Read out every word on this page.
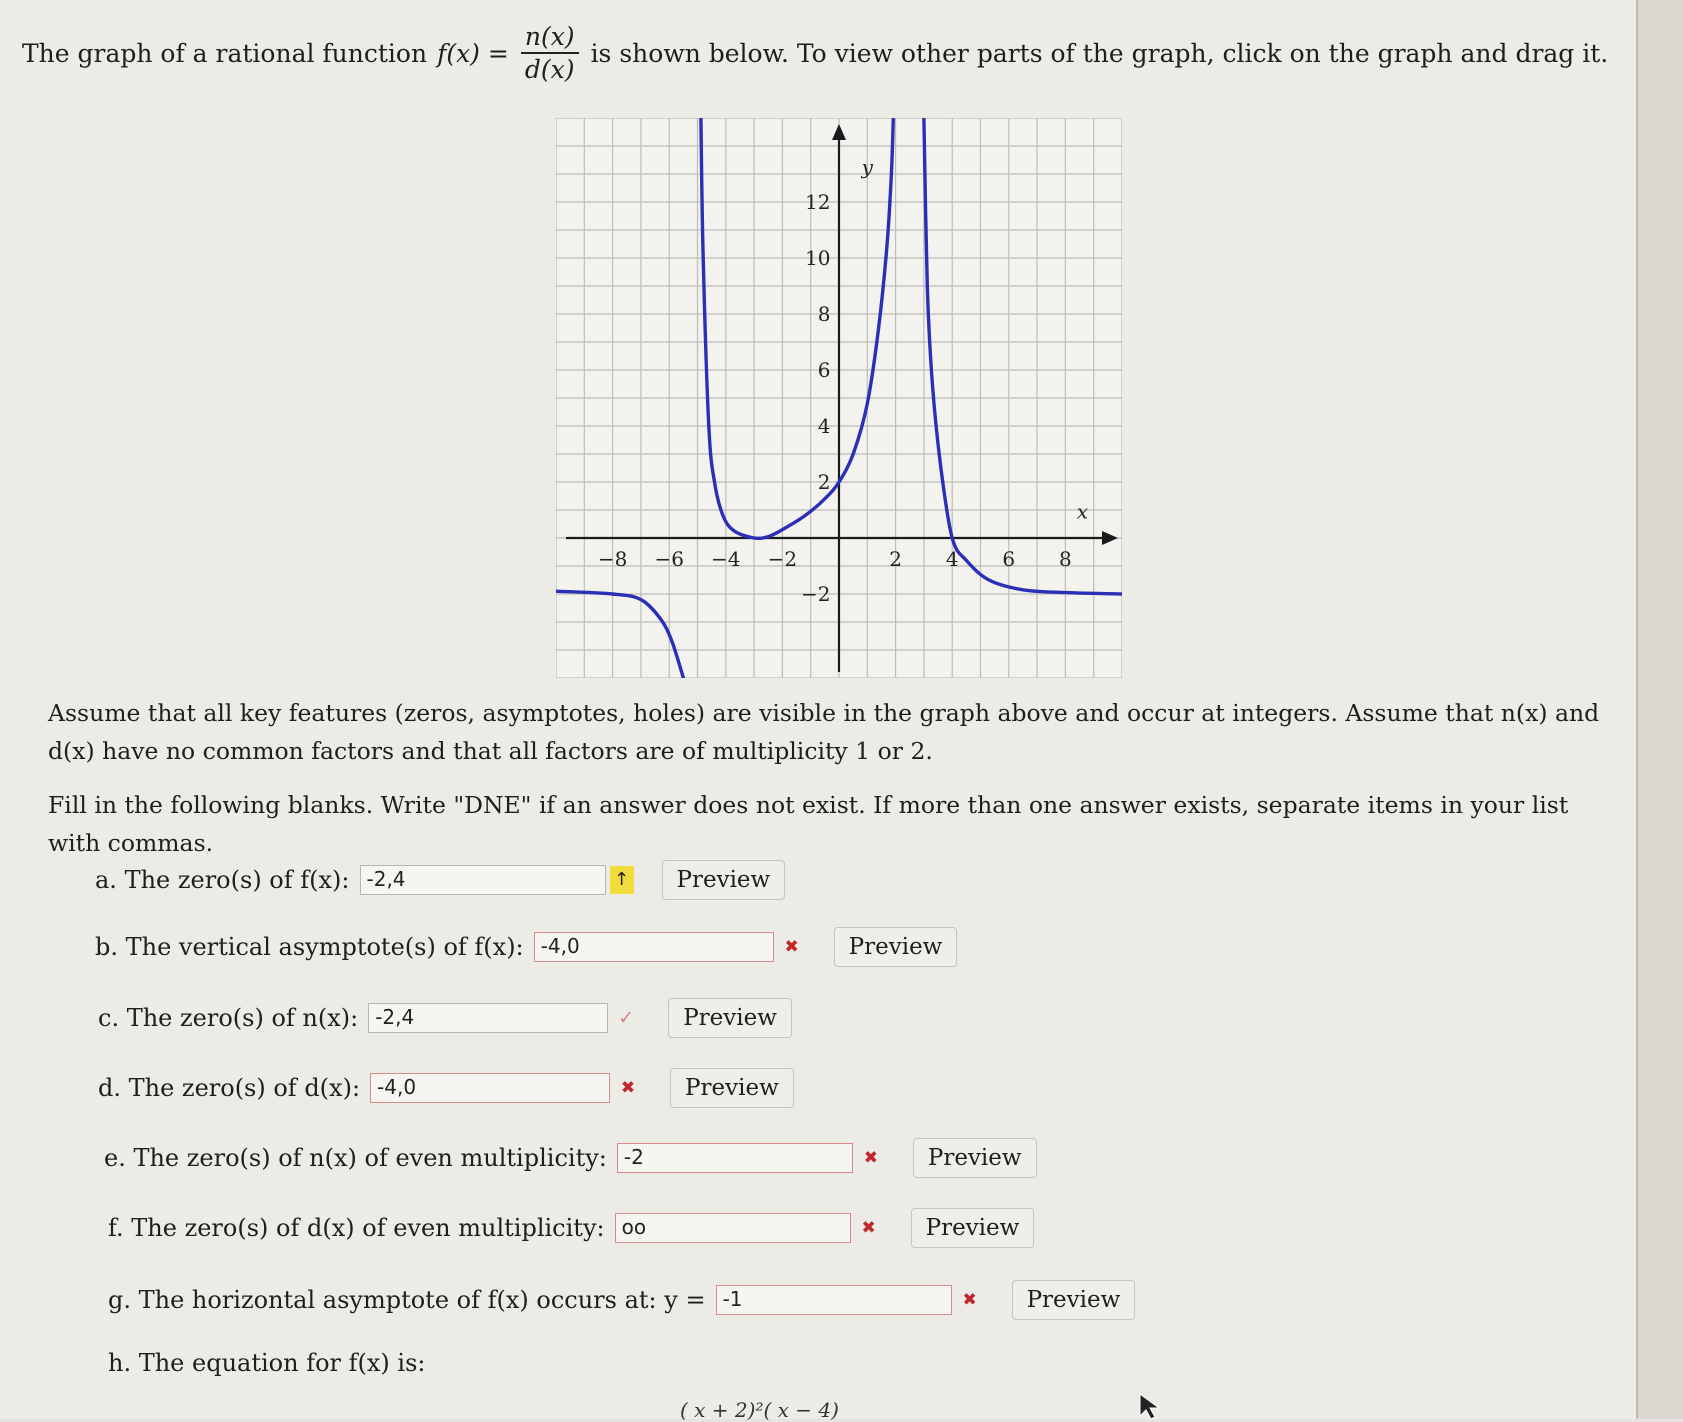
The graph of a rational function $f(x) = \frac{n(x)}{d(x)}$ is shown below. To view other parts of the graph, click on the graph and drag it.
x
y
−8 −6 −4 −2	2 4 6 8
12
10
8
6
4
2
−2
Assume that all key features (zeros, asymptotes, holes) are visible in the graph above and occur at integers. Assume that n(x) and d(x) have no common factors and that all factors are of multiplicity 1 or 2.
Fill in the following blanks. Write "DNE" if an answer does not exist. If more than one answer exists, separate items in your list with commas.
a. The zero(s) of f(x): -2,4	↑	Preview
b. The vertical asymptote(s) of f(x): -4,0	✖	Preview
c. The zero(s) of n(x): -2,4	✓	Preview
d. The zero(s) of d(x): -4,0	✖	Preview
e. The zero(s) of n(x) of even multiplicity: -2	✖	Preview
f. The zero(s) of d(x) of even multiplicity: oo	✖	Preview
g. The horizontal asymptote of f(x) occurs at: y = -1	✖	Preview
h. The equation for f(x) is:
( x + 2)²( x − 4)
